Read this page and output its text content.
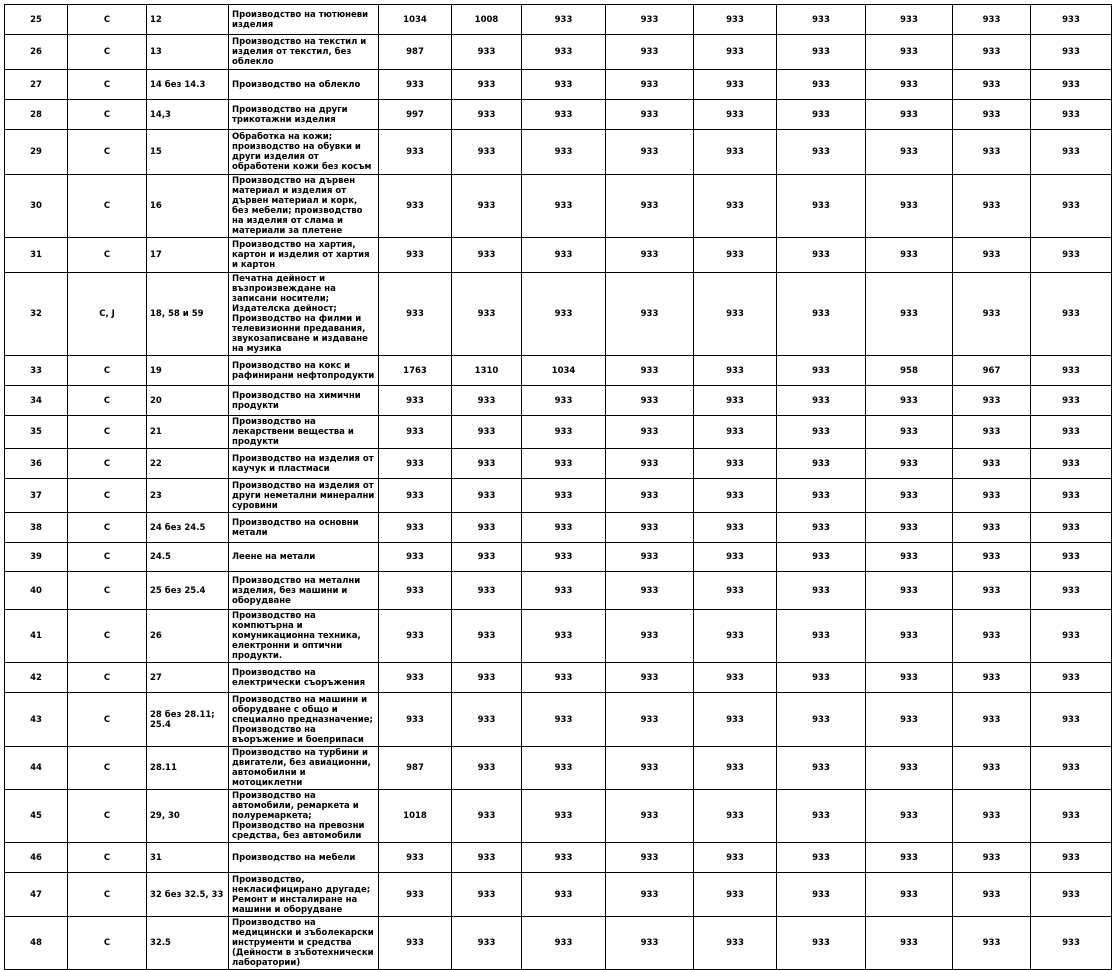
25	C	12	Производство на тютюневи изделия	1034	1008	933	933	933	933	933	933	933
26	C	13	Производство на текстил и изделия от текстил, без облекло	987	933	933	933	933	933	933	933	933
27	C	14 без 14.3	Производство на облекло	933	933	933	933	933	933	933	933	933
28	C	14,3	Производство на други трикотажни изделия	997	933	933	933	933	933	933	933	933
29	C	15	Обработка на кожи; производство на обувки и други изделия от обработени кожи без косъм	933	933	933	933	933	933	933	933	933
30	C	16	Производство на дървен материал и изделия от дървен материал и корк, без мебели; производство на изделия от слама и материали за плетене	933	933	933	933	933	933	933	933	933
31	C	17	Производство на хартия, картон и изделия от хартия и картон	933	933	933	933	933	933	933	933	933
32	C, J	18, 58 и 59	Печатна дейност и възпроизвеждане на записани носители; Издателска дейност; Производство на филми и телевизионни предавания, звукозаписване и издаване на музика	933	933	933	933	933	933	933	933	933
33	C	19	Производство на кокс и рафинирани нефтопродукти	1763	1310	1034	933	933	933	958	967	933
34	C	20	Производство на химични продукти	933	933	933	933	933	933	933	933	933
35	C	21	Производство на лекарствени вещества и продукти	933	933	933	933	933	933	933	933	933
36	C	22	Производство на изделия от каучук и пластмаси	933	933	933	933	933	933	933	933	933
37	C	23	Производство на изделия от други неметални минерални суровини	933	933	933	933	933	933	933	933	933
38	C	24 без 24.5	Производство на основни метали	933	933	933	933	933	933	933	933	933
39	C	24.5	Леене на метали	933	933	933	933	933	933	933	933	933
40	C	25 без 25.4	Производство на метални изделия, без машини и оборудване	933	933	933	933	933	933	933	933	933
41	C	26	Производство на компютърна и комуникационна техника, електронни и оптични продукти.	933	933	933	933	933	933	933	933	933
42	C	27	Производство на електрически съоръжения	933	933	933	933	933	933	933	933	933
43	C	28 без 28.11; 25.4	Производство на машини и оборудване с общо и специално предназначение; Производство на въоръжение и боеприпаси	933	933	933	933	933	933	933	933	933
44	C	28.11	Производство на турбини и двигатели, без авиационни, автомобилни и мотоциклетни	987	933	933	933	933	933	933	933	933
45	C	29, 30	Производство на автомобили, ремаркета и полуремаркета; Производство на превозни средства, без автомобили	1018	933	933	933	933	933	933	933	933
46	C	31	Производство на мебели	933	933	933	933	933	933	933	933	933
47	C	32 без 32.5, 33	Производство, некласифицирано другаде; Ремонт и инсталиране на машини и оборудване	933	933	933	933	933	933	933	933	933
48	C	32.5	Производство на медицински и зъболекарски инструменти и средства (Дейности в зъботехнически лаборатории)	933	933	933	933	933	933	933	933	933
